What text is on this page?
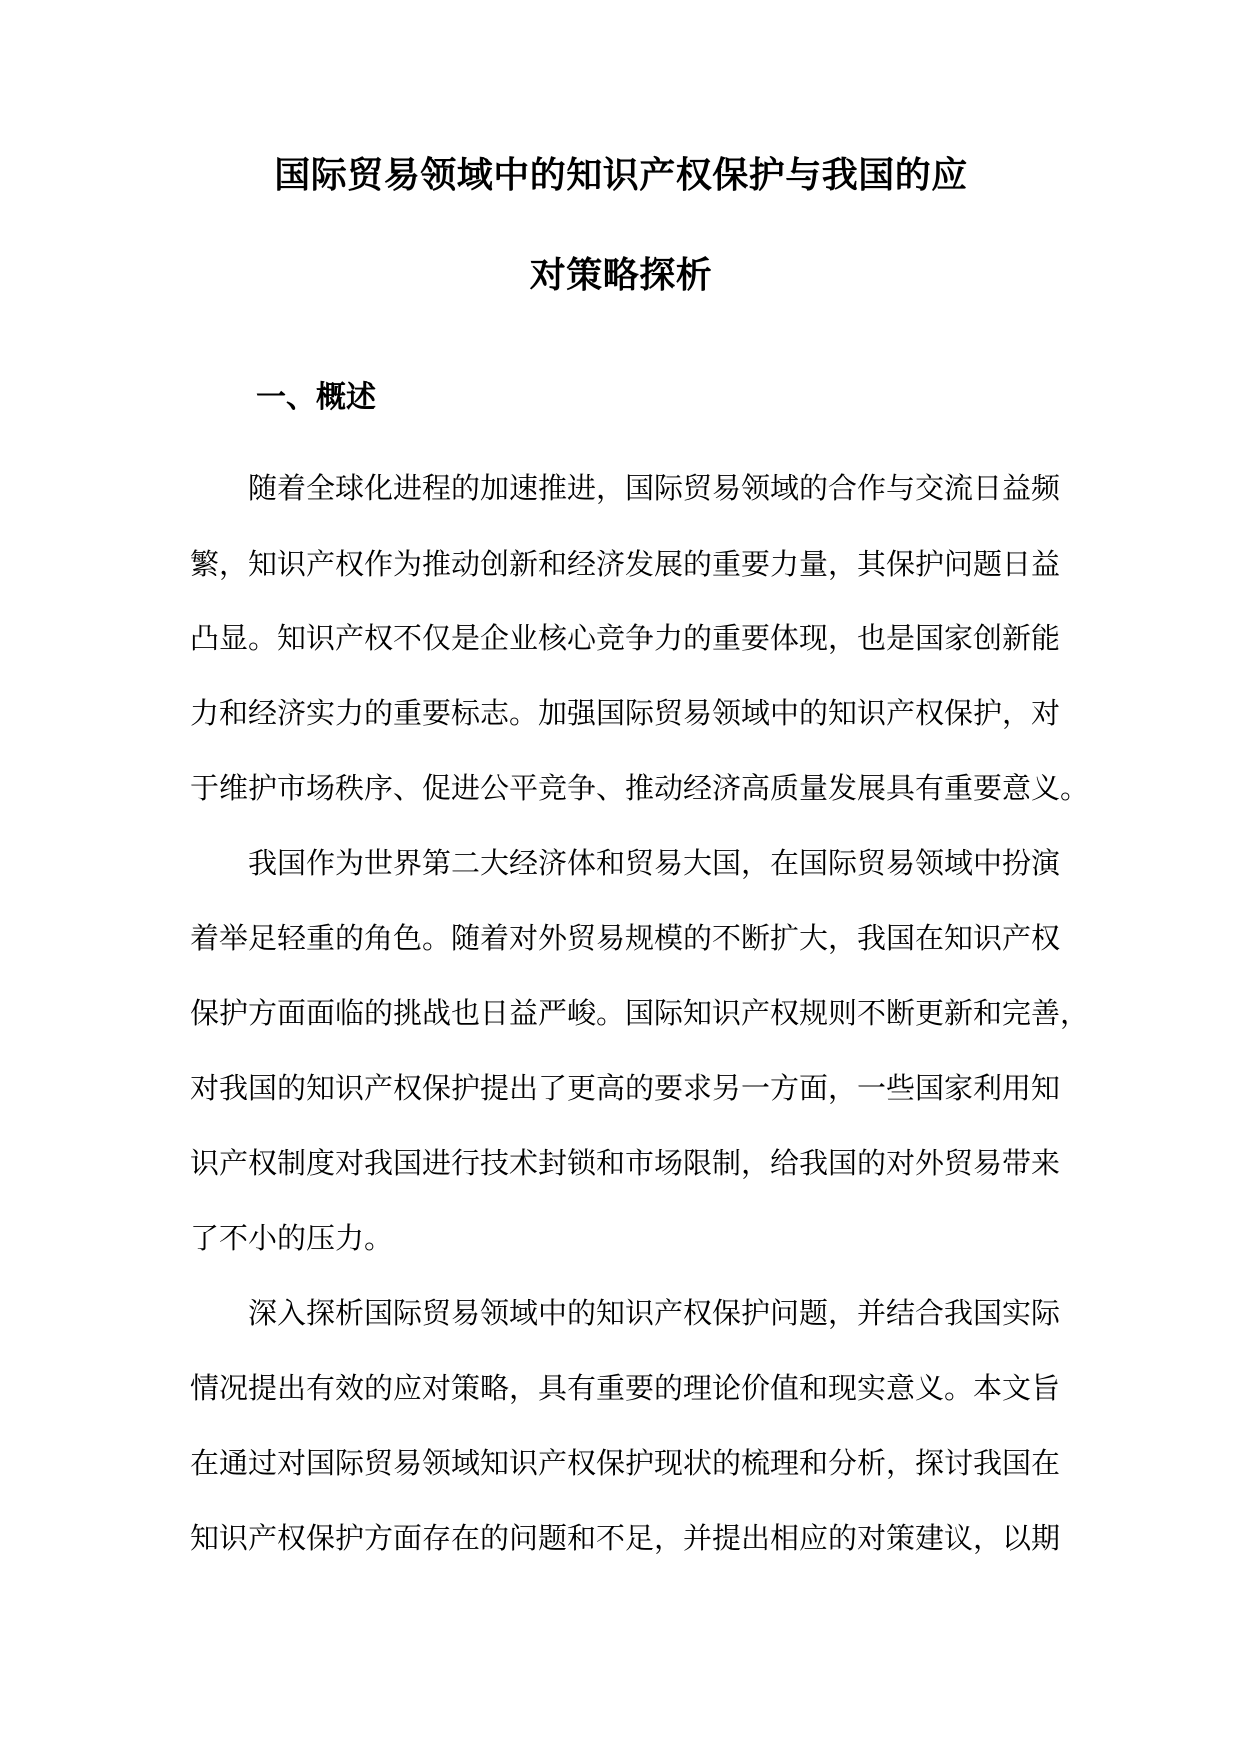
国际贸易领域中的知识产权保护与我国的应
对策略探析
一、概述
随着全球化进程的加速推进，国际贸易领域的合作与交流日益频
繁，知识产权作为推动创新和经济发展的重要力量，其保护问题日益
凸显。知识产权不仅是企业核心竞争力的重要体现，也是国家创新能
力和经济实力的重要标志。加强国际贸易领域中的知识产权保护，对
于维护市场秩序、促进公平竞争、推动经济高质量发展具有重要意义。
我国作为世界第二大经济体和贸易大国，在国际贸易领域中扮演
着举足轻重的角色。随着对外贸易规模的不断扩大，我国在知识产权
保护方面面临的挑战也日益严峻。国际知识产权规则不断更新和完善，
对我国的知识产权保护提出了更高的要求另一方面，一些国家利用知
识产权制度对我国进行技术封锁和市场限制，给我国的对外贸易带来
了不小的压力。
深入探析国际贸易领域中的知识产权保护问题，并结合我国实际
情况提出有效的应对策略，具有重要的理论价值和现实意义。本文旨
在通过对国际贸易领域知识产权保护现状的梳理和分析，探讨我国在
知识产权保护方面存在的问题和不足，并提出相应的对策建议，以期
